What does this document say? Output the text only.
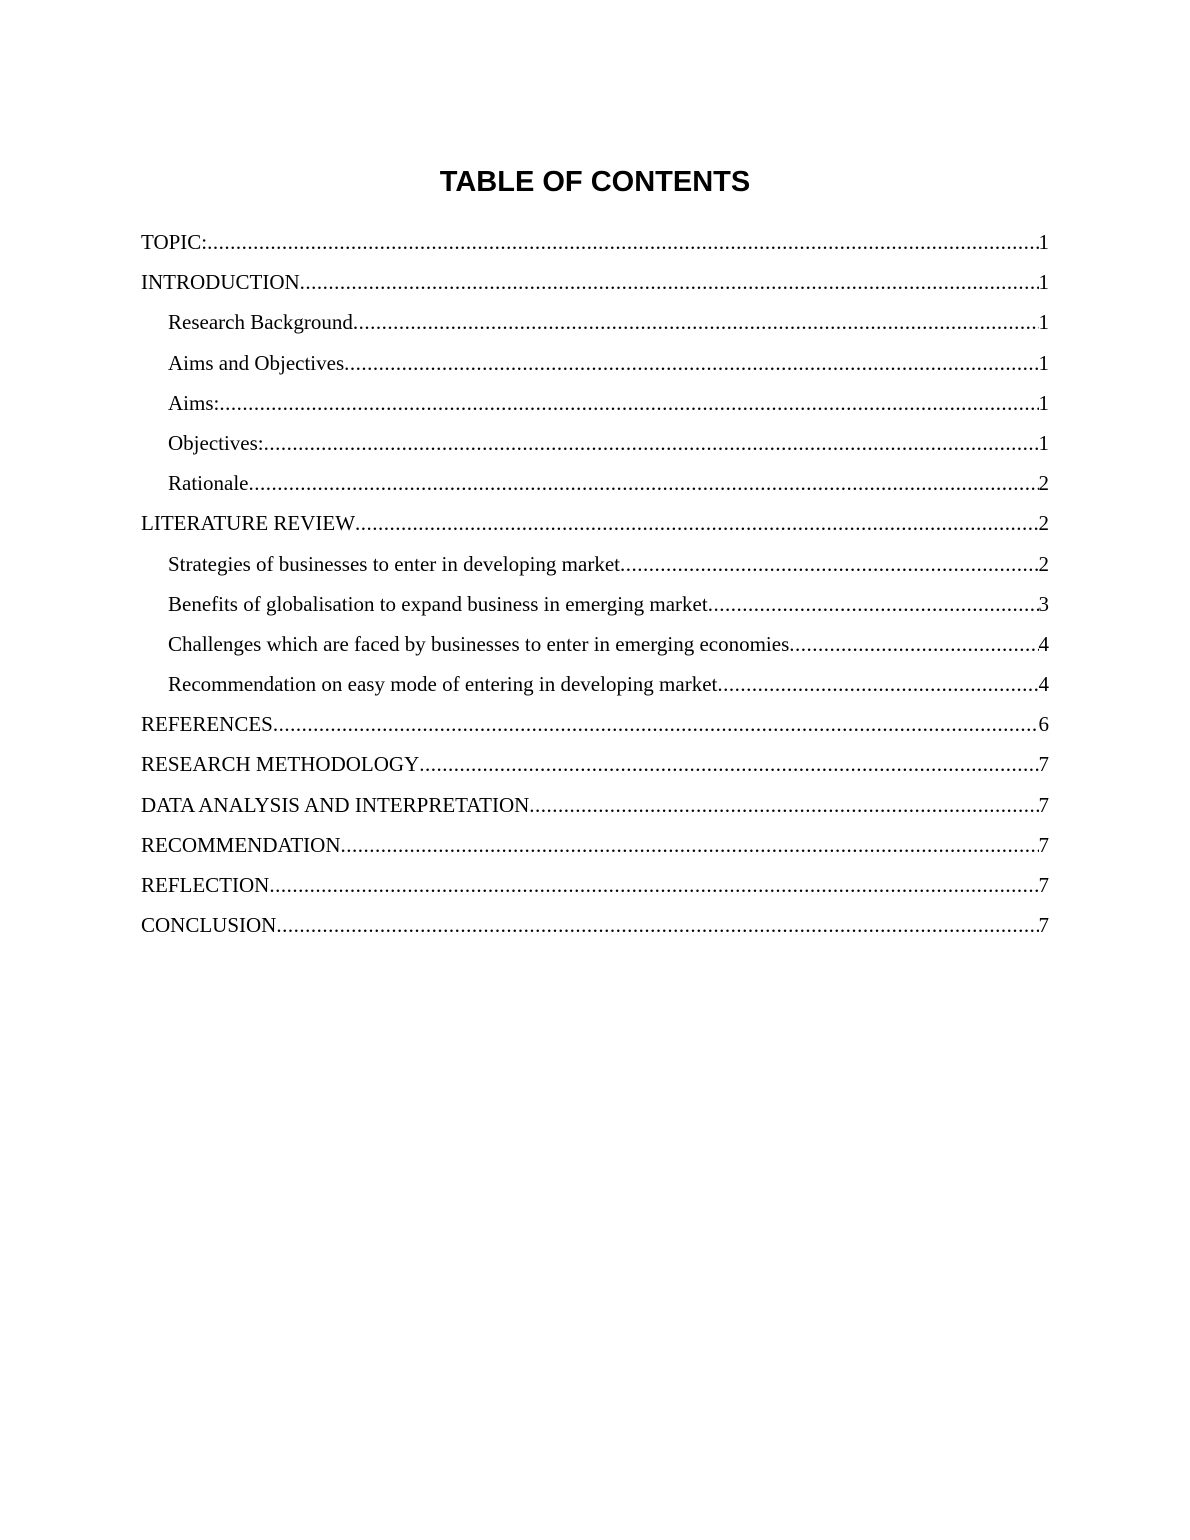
TABLE OF CONTENTS
TOPIC: .....	1
INTRODUCTION .....	1
Research Background .....	1
Aims and Objectives .....	1
Aims: .....	1
Objectives: .....	1
Rationale .....	2
LITERATURE REVIEW .....	2
Strategies of businesses to enter in developing market .....	2
Benefits of globalisation to expand business in emerging market .....	3
Challenges which are faced by businesses to enter in emerging economies .....	4
Recommendation on easy mode of entering in developing market .....	4
REFERENCES .....	6
RESEARCH METHODOLOGY .....	7
DATA ANALYSIS AND INTERPRETATION .....	7
RECOMMENDATION .....	7
REFLECTION .....	7
CONCLUSION .....	7
